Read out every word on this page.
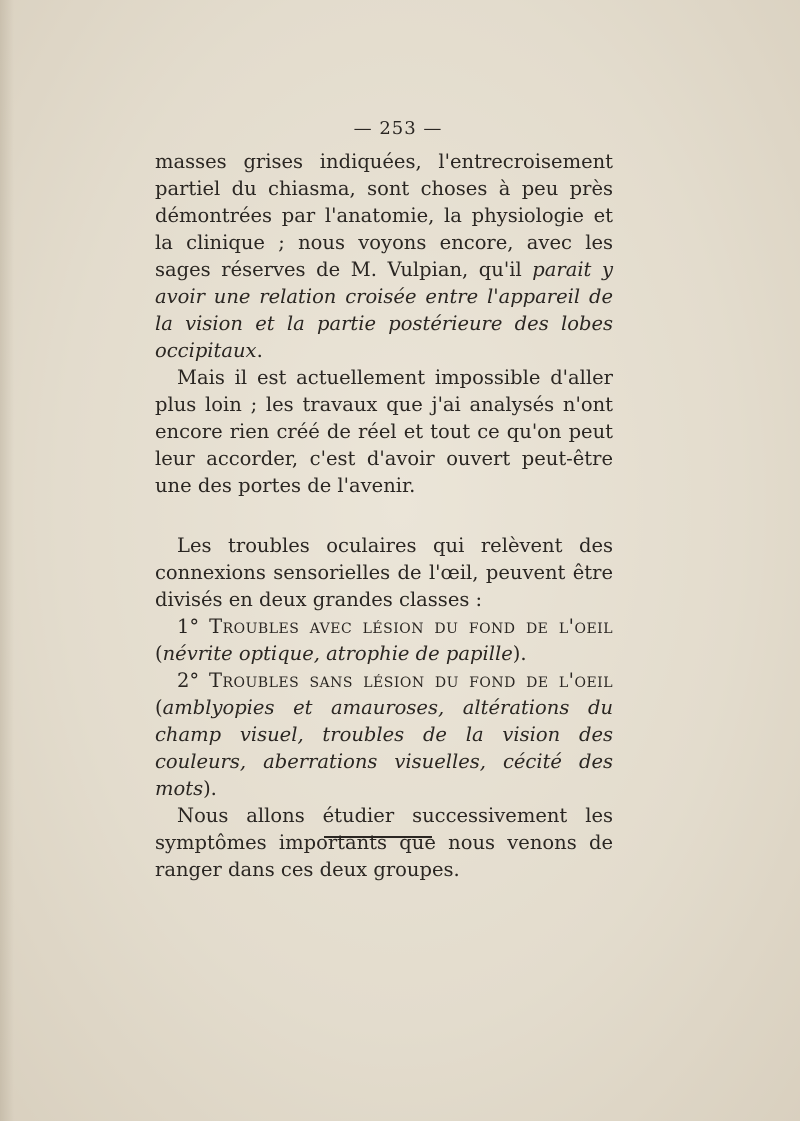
— 253 —

masses grises indiquées, l'entrecroisement partiel du chiasma, sont choses à peu près démontrées par l'anatomie, la physiologie et la clinique ; nous voyons encore, avec les sages réserves de M. Vulpian, qu'il parait y avoir une relation croisée entre l'appareil de la vision et la partie postérieure des lobes occipitaux.

Mais il est actuellement impossible d'aller plus loin ; les travaux que j'ai analysés n'ont encore rien créé de réel et tout ce qu'on peut leur accorder, c'est d'avoir ouvert peut-être une des portes de l'avenir.

Les troubles oculaires qui relèvent des connexions sensorielles de l'œil, peuvent être divisés en deux grandes classes :

1° Troubles avec lésion du fond de l'oeil (névrite optique, atrophie de papille).

2° Troubles sans lésion du fond de l'oeil (amblyopies et amauroses, altérations du champ visuel, troubles de la vision des couleurs, aberrations visuelles, cécité des mots).

Nous allons étudier successivement les symptômes importants que nous venons de ranger dans ces deux groupes.
